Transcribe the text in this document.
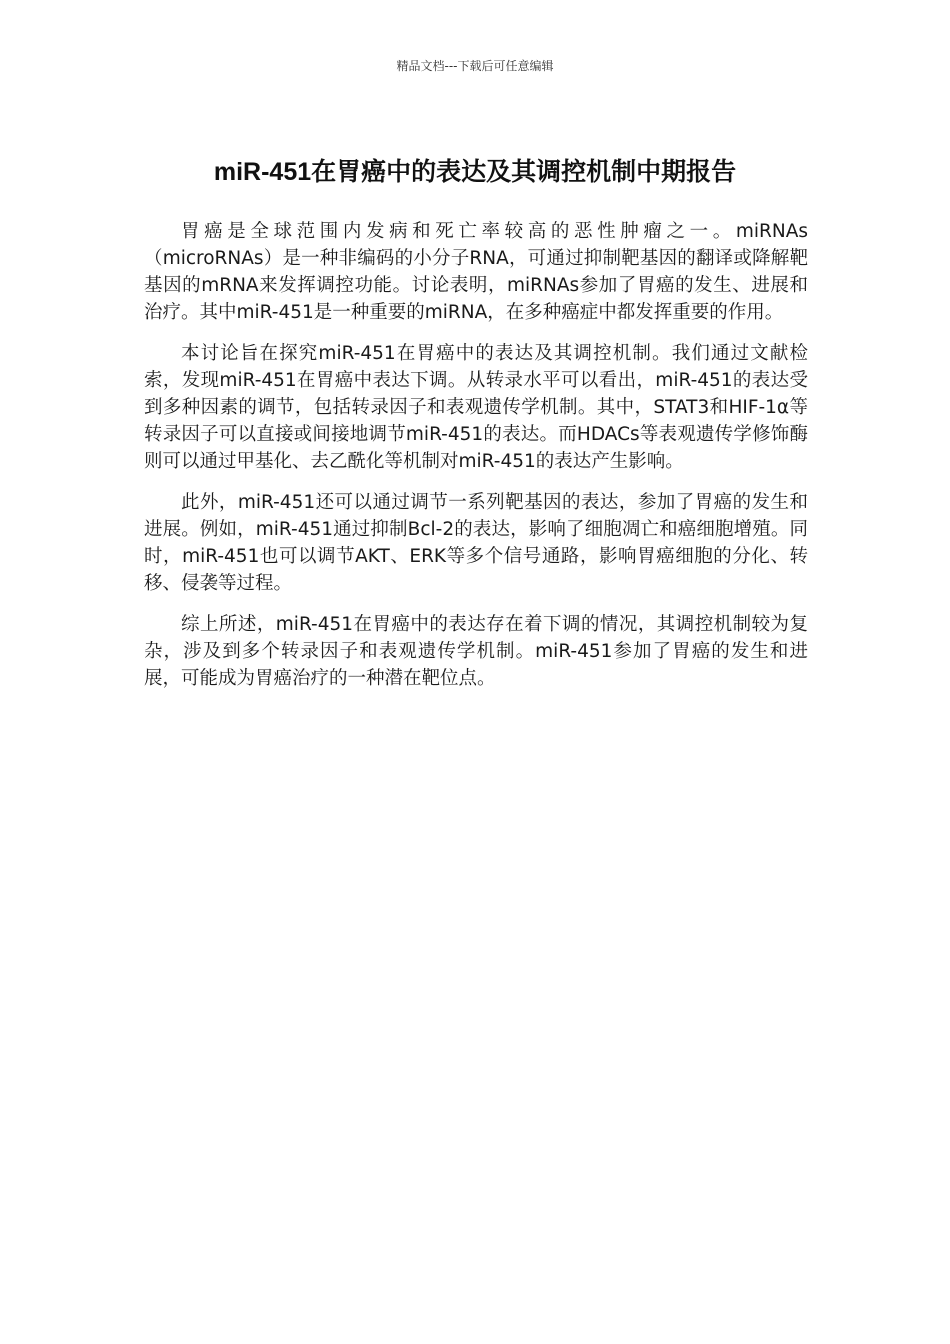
精品文档---下载后可任意编辑
miR-451在胃癌中的表达及其调控机制中期报告

胃癌是全球范围内发病和死亡率较高的恶性肿瘤之一。miRNAs（microRNAs）是一种非编码的小分子RNA，可通过抑制靶基因的翻译或降解靶基因的mRNA来发挥调控功能。讨论表明，miRNAs参加了胃癌的发生、进展和治疗。其中miR-451是一种重要的miRNA，在多种癌症中都发挥重要的作用。

本讨论旨在探究miR-451在胃癌中的表达及其调控机制。我们通过文献检索，发现miR-451在胃癌中表达下调。从转录水平可以看出，miR-451的表达受到多种因素的调节，包括转录因子和表观遗传学机制。其中，STAT3和HIF-1α等转录因子可以直接或间接地调节miR-451的表达。而HDACs等表观遗传学修饰酶则可以通过甲基化、去乙酰化等机制对miR-451的表达产生影响。

此外，miR-451还可以通过调节一系列靶基因的表达，参加了胃癌的发生和进展。例如，miR-451通过抑制Bcl-2的表达，影响了细胞凋亡和癌细胞增殖。同时，miR-451也可以调节AKT、ERK等多个信号通路，影响胃癌细胞的分化、转移、侵袭等过程。

综上所述，miR-451在胃癌中的表达存在着下调的情况，其调控机制较为复杂，涉及到多个转录因子和表观遗传学机制。miR-451参加了胃癌的发生和进展，可能成为胃癌治疗的一种潜在靶位点。
